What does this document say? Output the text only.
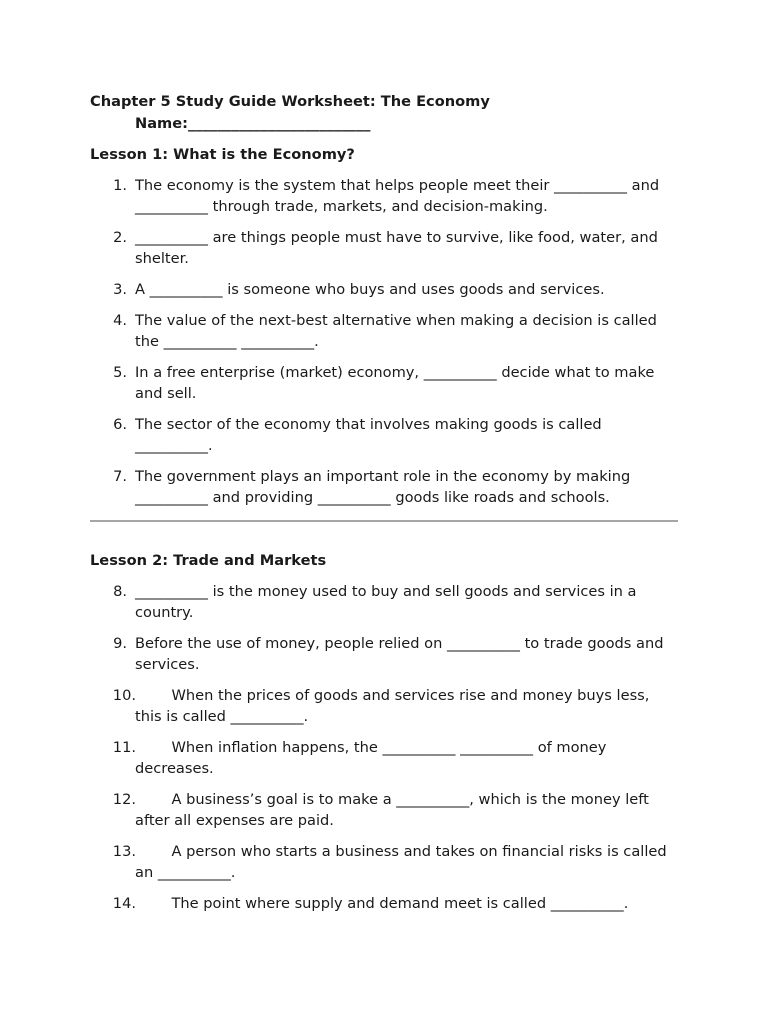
Chapter 5 Study Guide Worksheet: The Economy

Name:_________________________

Lesson 1: What is the Economy?

1. The economy is the system that helps people meet their __________ and __________ through trade, markets, and decision-making.
2. __________ are things people must have to survive, like food, water, and shelter.
3. A __________ is someone who buys and uses goods and services.
4. The value of the next-best alternative when making a decision is called the __________ __________.
5. In a free enterprise (market) economy, __________ decide what to make and sell.
6. The sector of the economy that involves making goods is called __________.
7. The government plays an important role in the economy by making __________ and providing __________ goods like roads and schools.

Lesson 2: Trade and Markets

8. __________ is the money used to buy and sell goods and services in a country.
9. Before the use of money, people relied on __________ to trade goods and services.
10.    When the prices of goods and services rise and money buys less, this is called __________.
11.    When inflation happens, the __________ __________ of money decreases.
12.    A business’s goal is to make a __________, which is the money left after all expenses are paid.
13.    A person who starts a business and takes on financial risks is called an __________.
14.    The point where supply and demand meet is called __________.
